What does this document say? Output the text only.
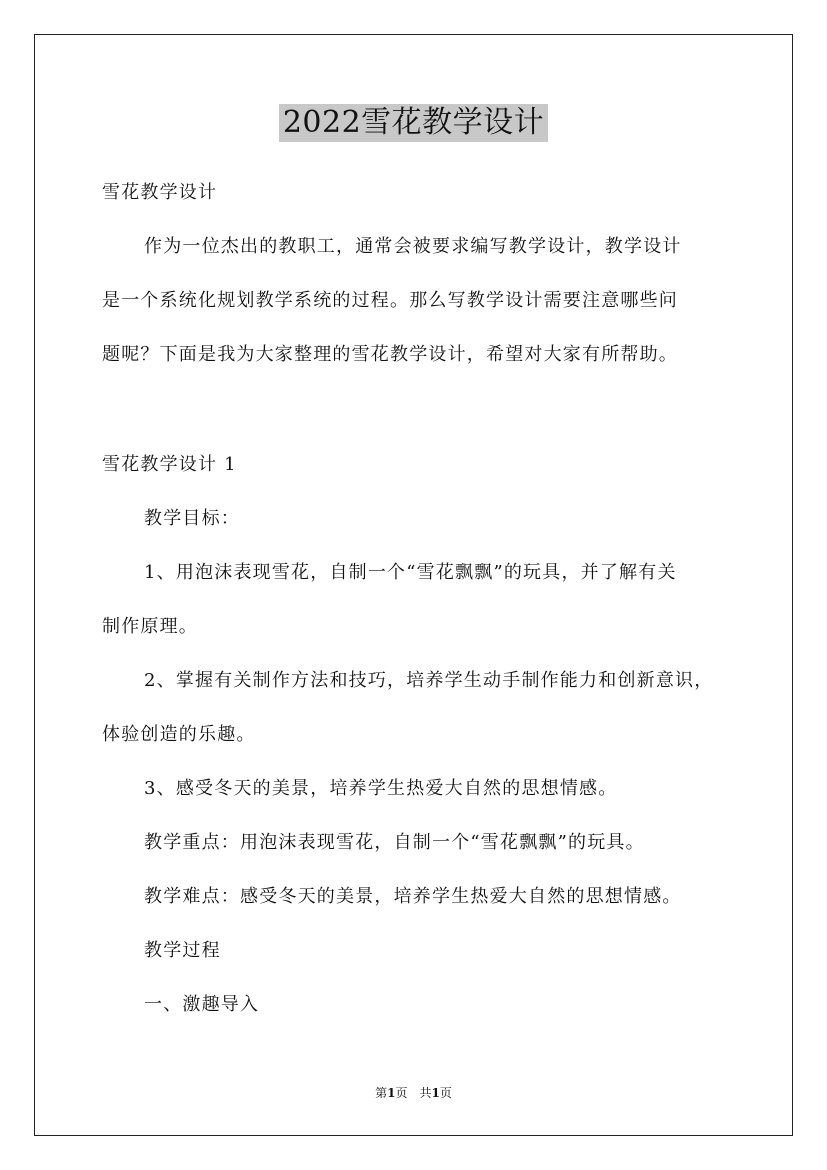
2022雪花教学设计
雪花教学设计
作为一位杰出的教职工，通常会被要求编写教学设计，教学设计
是一个系统化规划教学系统的过程。那么写教学设计需要注意哪些问
题呢？下面是我为大家整理的雪花教学设计，希望对大家有所帮助。
雪花教学设计 1
教学目标：
1、用泡沫表现雪花，自制一个“雪花飘飘”的玩具，并了解有关
制作原理。
2、掌握有关制作方法和技巧，培养学生动手制作能力和创新意识，
体验创造的乐趣。
3、感受冬天的美景，培养学生热爱大自然的思想情感。
教学重点：用泡沫表现雪花，自制一个“雪花飘飘”的玩具。
教学难点：感受冬天的美景，培养学生热爱大自然的思想情感。
教学过程
一、激趣导入
第1页　共1页
